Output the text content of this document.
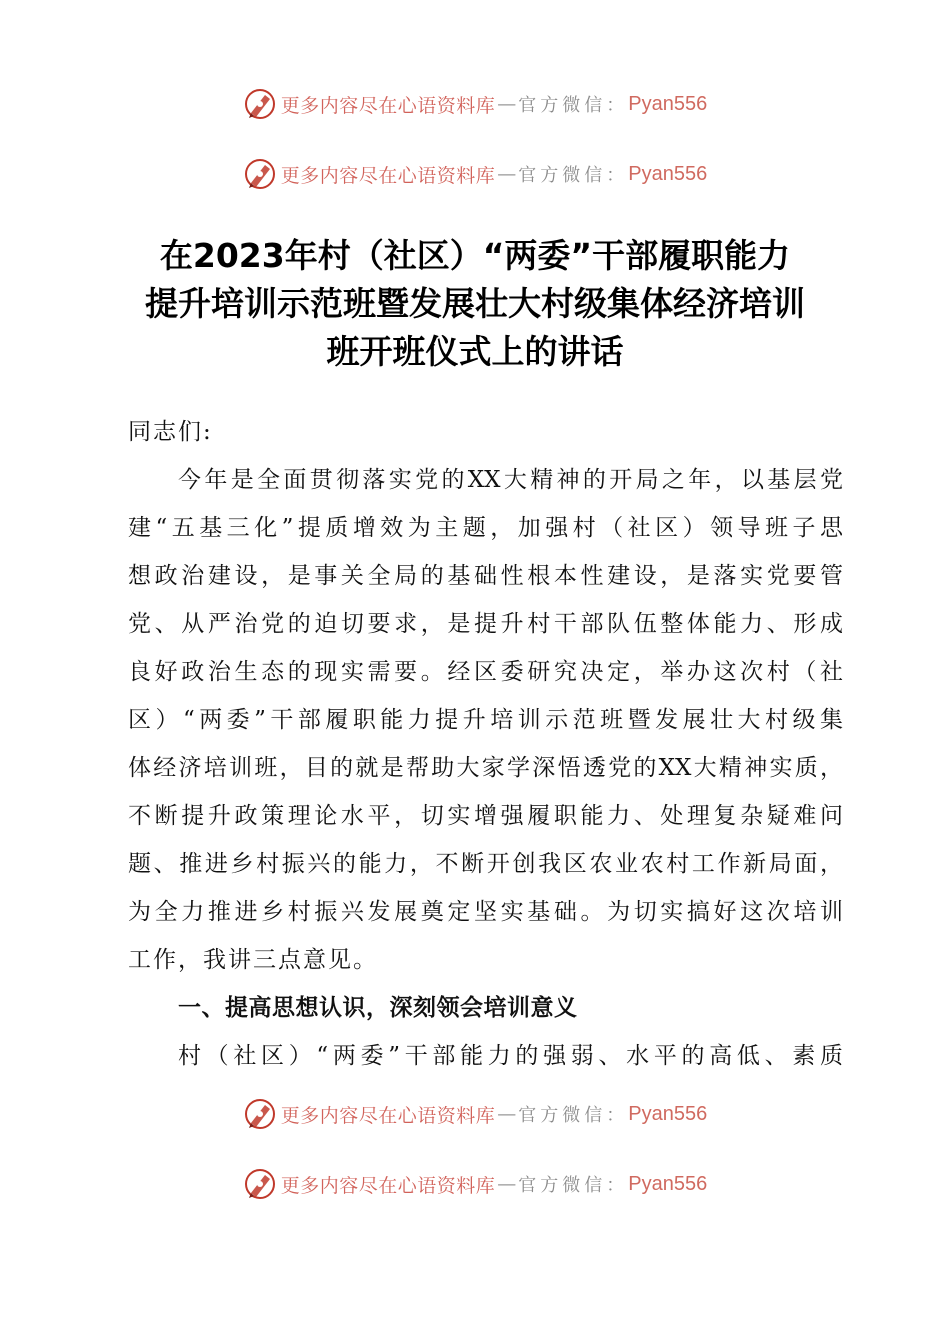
更多内容尽在心语资料库 — 官方微信： Pyan556
更多内容尽在心语资料库 — 官方微信： Pyan556
在2023年村（社区）“两委”干部履职能力
提升培训示范班暨发展壮大村级集体经济培训
班开班仪式上的讲话
同志们:
今年是全面贯彻落实党的XX大精神的开局之年，以基层党
建“五基三化”提质增效为主题，加强村（社区）领导班子思
想政治建设，是事关全局的基础性根本性建设，是落实党要管
党、从严治党的迫切要求，是提升村干部队伍整体能力、形成
良好政治生态的现实需要。经区委研究决定，举办这次村（社
区）“两委”干部履职能力提升培训示范班暨发展壮大村级集
体经济培训班，目的就是帮助大家学深悟透党的XX大精神实质，
不断提升政策理论水平，切实增强履职能力、处理复杂疑难问
题、推进乡村振兴的能力，不断开创我区农业农村工作新局面，
为全力推进乡村振兴发展奠定坚实基础。为切实搞好这次培训
工作，我讲三点意见。
一、提高思想认识，深刻领会培训意义
村（社区）“两委”干部能力的强弱、水平的高低、素质
更多内容尽在心语资料库 — 官方微信： Pyan556
更多内容尽在心语资料库 — 官方微信： Pyan556
